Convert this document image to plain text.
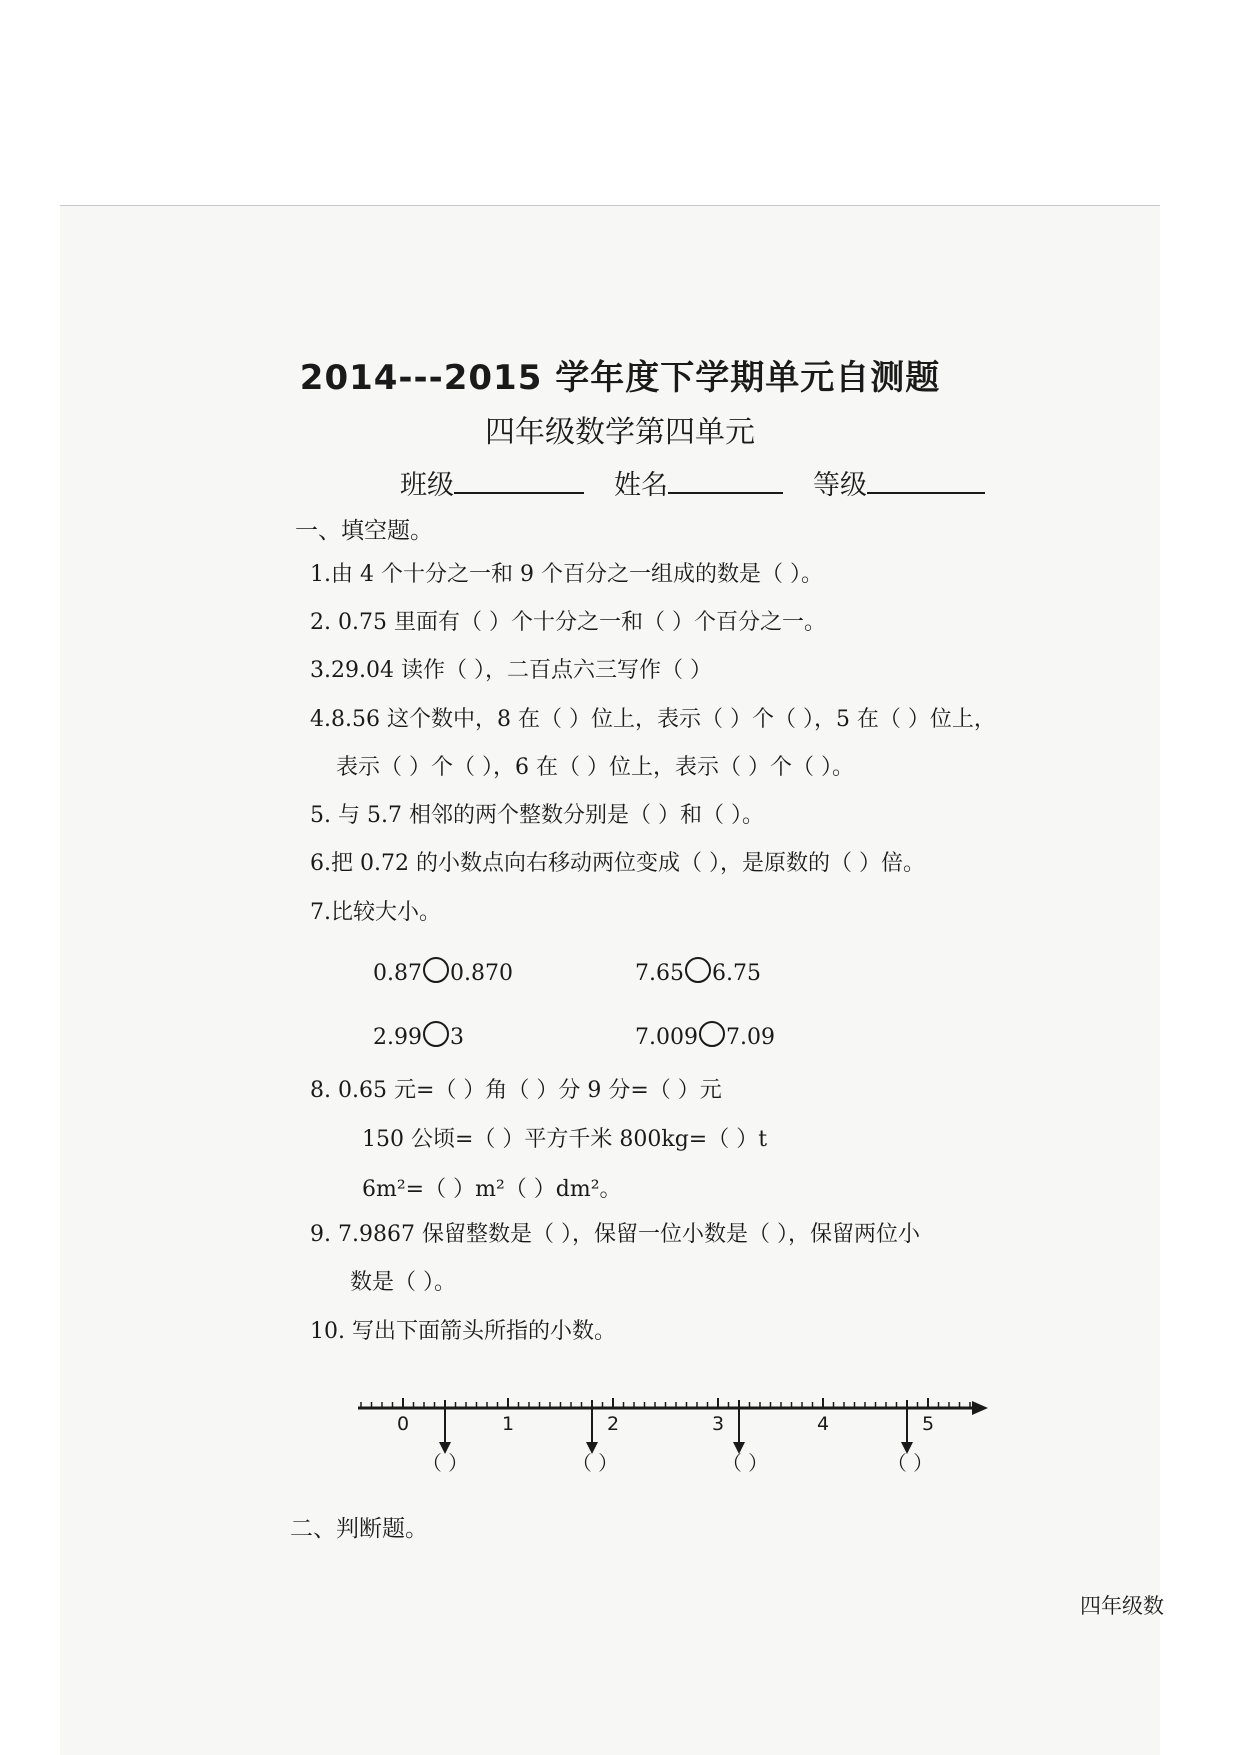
2014---2015 学年度下学期单元自测题
四年级数学第四单元
班级	姓名	等级
一、填空题。
1.由 4 个十分之一和 9 个百分之一组成的数是（ ）。
2. 0.75 里面有（ ）个十分之一和（ ）个百分之一。
3.29.04 读作（ ），二百点六三写作（ ）
4.8.56 这个数中，8 在（ ）位上，表示（ ）个（ ），5 在（ ）位上，
表示（ ）个（ ），6 在（ ）位上，表示（ ）个（ ）。
5. 与 5.7 相邻的两个整数分别是（ ）和（ ）。
6.把 0.72 的小数点向右移动两位变成（ ），是原数的（ ）倍。
7.比较大小。
0.87 0.870	7.65 6.75
2.99 3	7.009 7.09
8. 0.65 元=（ ）角（ ）分 9 分=（ ）元
150 公顷=（ ）平方千米 800kg=（ ）t
6m²=（ ）m²（ ）dm²。
9. 7.9867 保留整数是（ ），保留一位小数是（ ），保留两位小
数是（ ）。
10. 写出下面箭头所指的小数。
0	1	2	3	4	5
（ ）	（ ）	（ ）	（ ）
二、判断题。
四年级数
